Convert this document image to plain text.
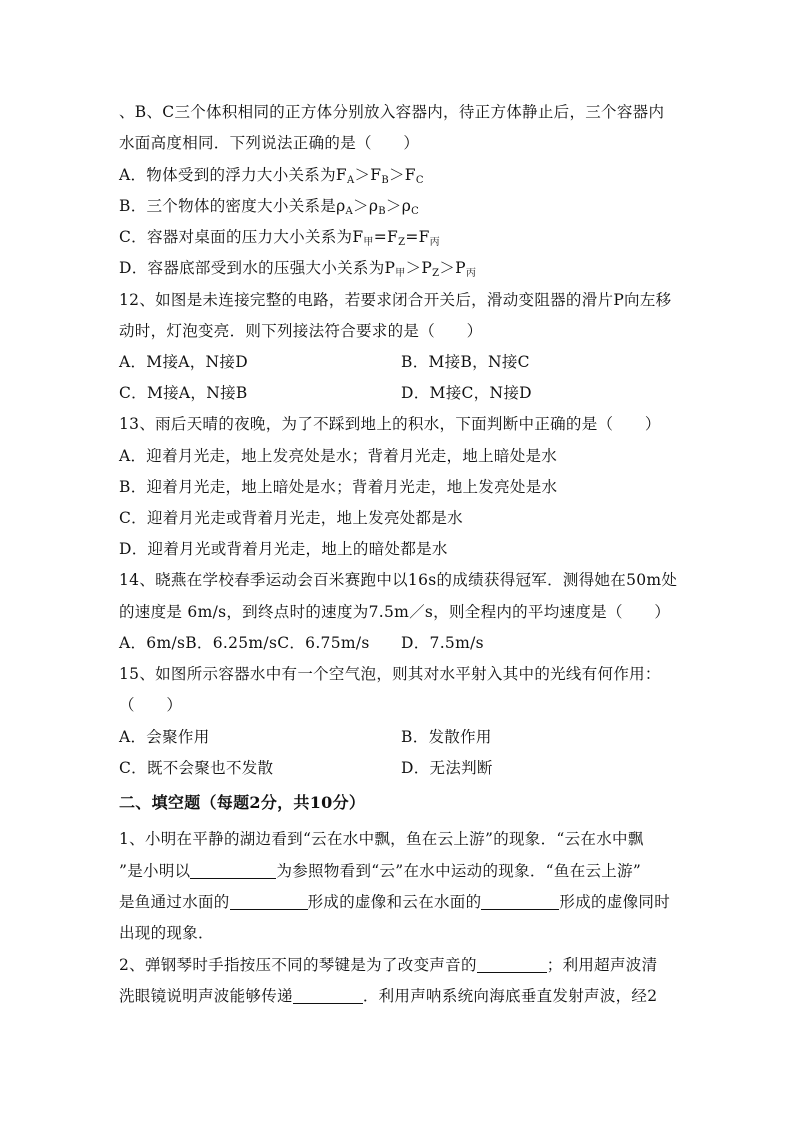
、B、C三个体积相同的正方体分别放入容器内，待正方体静止后，三个容器内
水面高度相同．下列说法正确的是（　　）
A．物体受到的浮力大小关系为$F_A>F_B>F_C$
B．三个物体的密度大小关系是$\rho_A>\rho_B>\rho_C$
C．容器对桌面的压力大小关系为$F_甲=F_Z=F_丙$
D．容器底部受到水的压强大小关系为$P_甲>P_Z>P_丙$
12、如图是未连接完整的电路，若要求闭合开关后，滑动变阻器的滑片P向左移
动时，灯泡变亮．则下列接法符合要求的是（　　）
A．M接A，N接D	B．M接B，N接C
C．M接A，N接B	D．M接C，N接D
13、雨后天晴的夜晚，为了不踩到地上的积水，下面判断中正确的是（　　）
A．迎着月光走，地上发亮处是水；背着月光走，地上暗处是水
B．迎着月光走，地上暗处是水；背着月光走，地上发亮处是水
C．迎着月光走或背着月光走，地上发亮处都是水
D．迎着月光或背着月光走，地上的暗处都是水
14、晓燕在学校春季运动会百米赛跑中以16s的成绩获得冠军．测得她在50m处
的速度是 6m/s，到终点时的速度为7.5m／s，则全程内的平均速度是（　　）
A．6m/sB．6.25m/sC．6.75m/s D．7.5m/s
15、如图所示容器水中有一个空气泡，则其对水平射入其中的光线有何作用：
（　　）
A．会聚作用	B．发散作用
C．既不会聚也不发散	D．无法判断
二、填空题（每题2分，共10分）
1、小明在平静的湖边看到“云在水中飘，鱼在云上游”的现象．“云在水中飘
”是小明以	为参照物看到“云”在水中运动的现象．“鱼在云上游”
是鱼通过水面的	形成的虚像和云在水面的	形成的虚像同时
出现的现象．
2、弹钢琴时手指按压不同的琴键是为了改变声音的	；利用超声波清
洗眼镜说明声波能够传递	．利用声呐系统向海底垂直发射声波，经2
